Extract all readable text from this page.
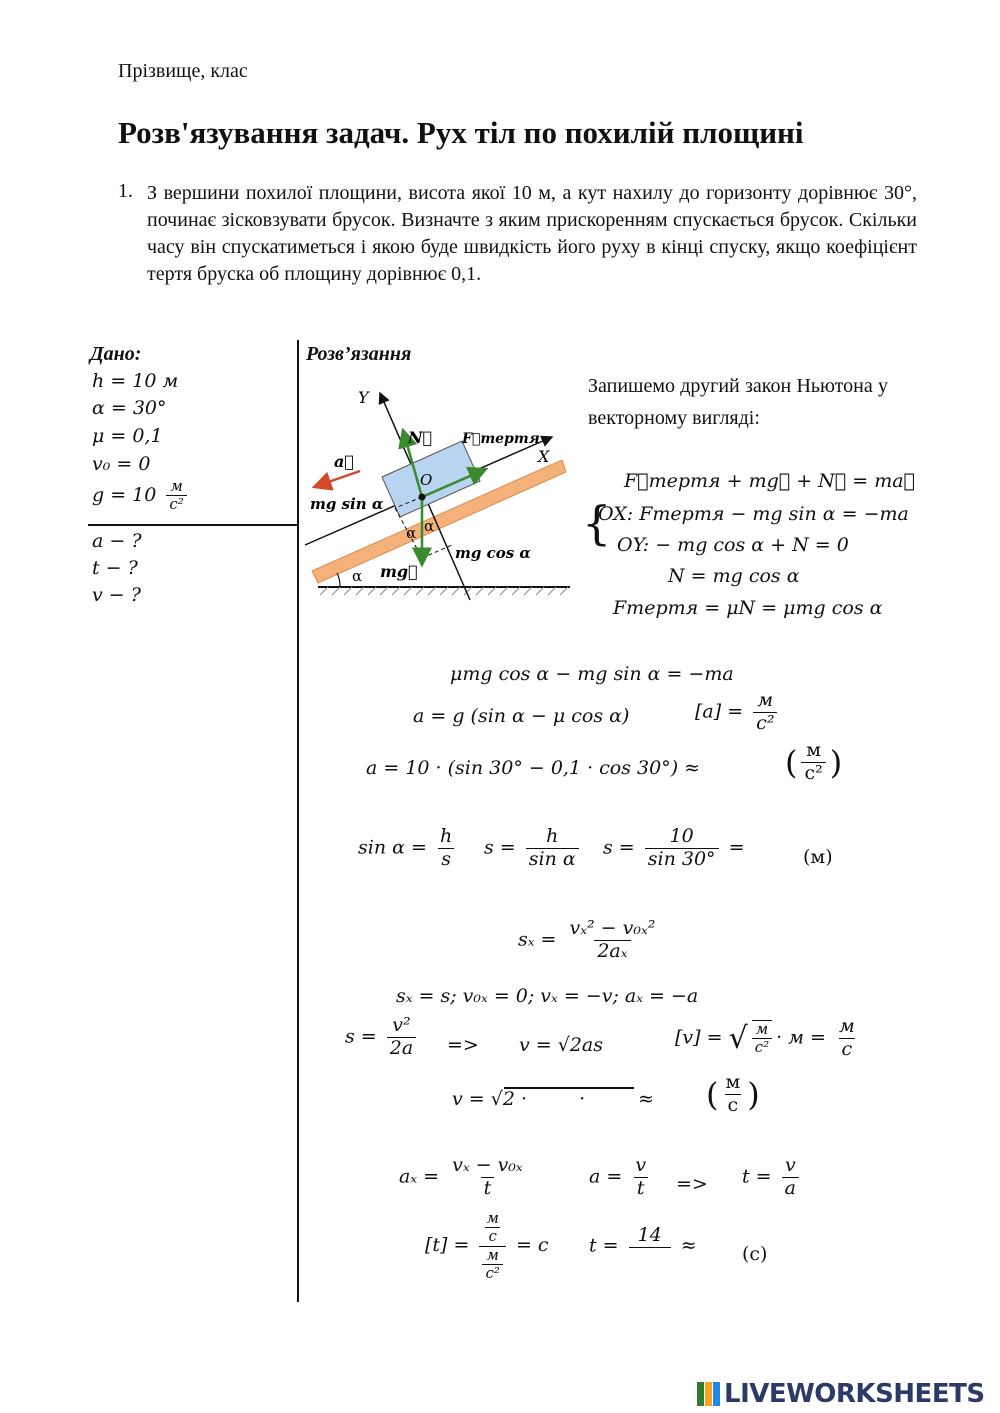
Прізвище, клас
Розв'язування задач. Рух тіл по похилій площині
1. З вершини похилої площини, висота якої 10 м, а кут нахилу до горизонту дорівнює 30°, починає зісковзувати брусок. Визначте з яким прискоренням спускається брусок. Скільки часу він спускатиметься і якою буде швидкість його руху в кінці спуску, якщо коефіцієнт тертя бруска об площину дорівнює 0,1.
Дано:
h = 10 м
α = 30°
μ = 0,1
v₀ = 0
$g = 10 \frac{м}{\text{с²}}$
a − ?
t − ?
v − ?
Розв’язання
Y
X
N⃗ F⃗тертя
a⃗
O
mg sin α
mg cos α
mg⃗
α α
α
Запишемо другий закон Ньютона у векторному вигляді:
F⃗тертя + mg⃗ + N⃗ = ma⃗
{
OX: Fтертя − mg sin α = −ma
OY: − mg cos α + N = 0
N = mg cos α
Fтертя = μN = μmg cos α
μmg cos α − mg sin α = −ma
a = g (sin α − μ cos α)	$[a] = \frac{м}{\text{с²}}$
a = 10 · (sin 30° − 0,1 · cos 30°) ≈	( $\frac{м}{\text{с²}}$ )
$\sin \alpha = \frac{h}{s}$ $s = \frac{h}{\text{sin α}}$ $s = \frac{10}{\sin 30^\circ}$ =	(м)
$s_x = \frac{\text{vₓ² − v₀ₓ²}}{\text{2aₓ}}$
sₓ = s; v₀ₓ = 0; vₓ = −v; aₓ = −a
$s = \frac{\text{v²}}{2a} => v = √2as$	[v] = √ $\frac{м}{\text{с²}} \cdot м = \frac{м}{с}$
v = √2 ·	·	≈ ( $\frac{м}{с}$ )
$a_x = \frac{\text{vₓ − v₀ₓ}}{t}$	$a = \frac{v}{t} => t = \frac{v}{a}$
$[t] = \frac{\frac{м}{с}}{\frac{м}{\text{с²}}} = с$ t = 14 ≈ (с)
LIVEWORKSHEETS
